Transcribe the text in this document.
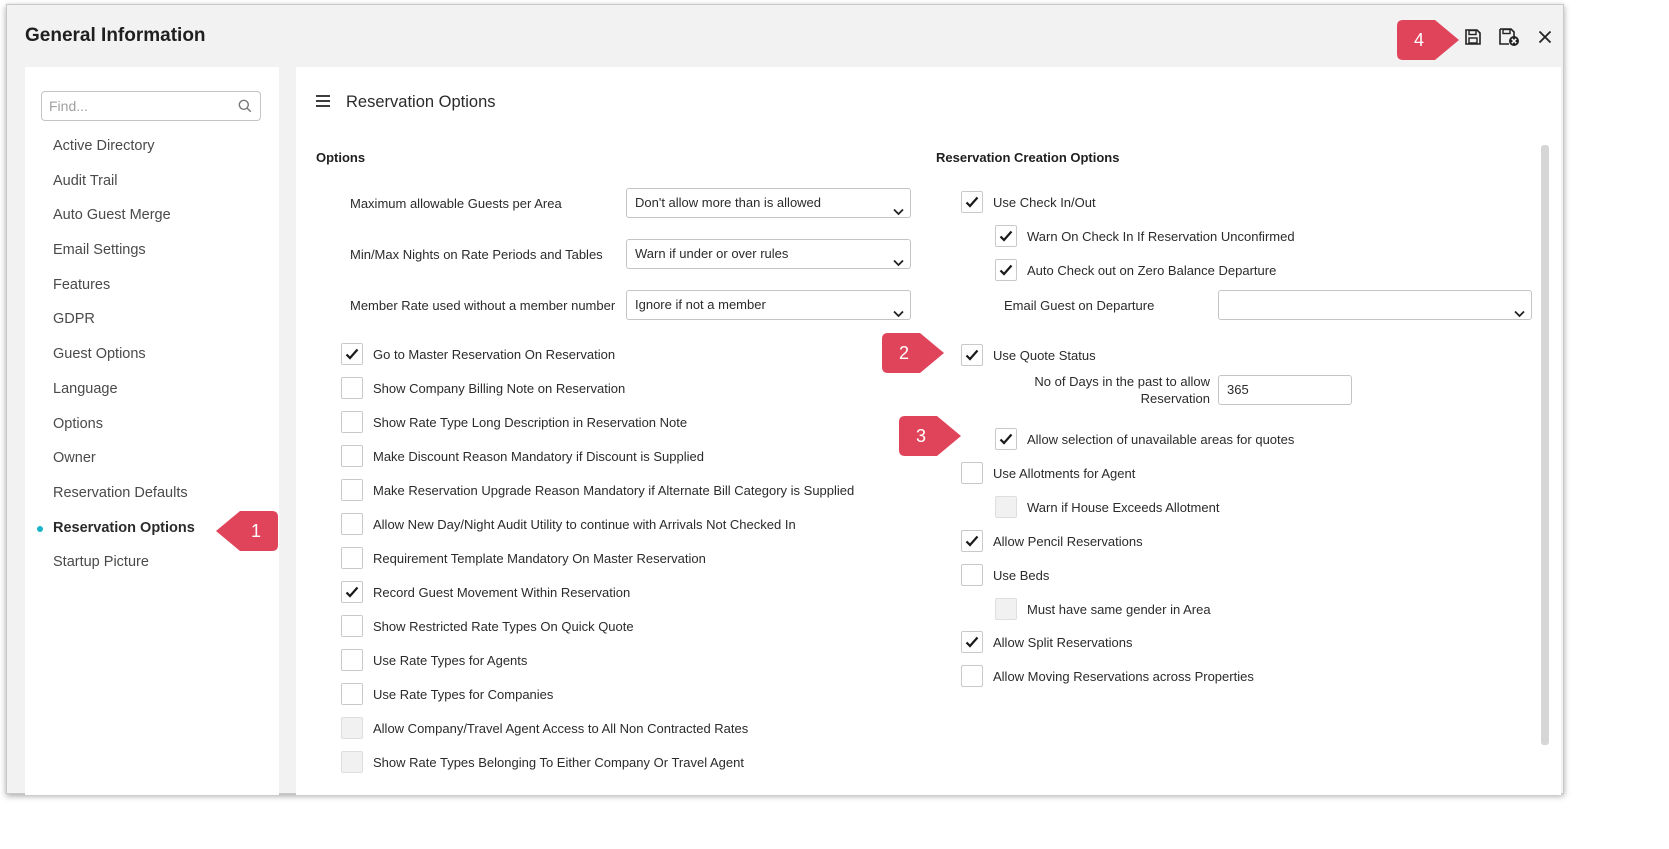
General Information
Find...
Active Directory
Audit Trail
Auto Guest Merge
Email Settings
Features
GDPR
Guest Options
Language
Options
Owner
Reservation Defaults
Reservation Options
Startup Picture
Reservation Options
Options
Maximum allowable Guests per Area	Don't allow more than is allowed
Min/Max Nights on Rate Periods and Tables	Warn if under or over rules
Member Rate used without a member number	Ignore if not a member
Go to Master Reservation On Reservation
Show Company Billing Note on Reservation
Show Rate Type Long Description in Reservation Note
Make Discount Reason Mandatory if Discount is Supplied
Make Reservation Upgrade Reason Mandatory if Alternate Bill Category is Supplied
Allow New Day/Night Audit Utility to continue with Arrivals Not Checked In
Requirement Template Mandatory On Master Reservation
Record Guest Movement Within Reservation
Show Restricted Rate Types On Quick Quote
Use Rate Types for Agents
Use Rate Types for Companies
Allow Company/Travel Agent Access to All Non Contracted Rates
Show Rate Types Belonging To Either Company Or Travel Agent
Reservation Creation Options
Use Check In/Out
Warn On Check In If Reservation Unconfirmed
Auto Check out on Zero Balance Departure
Email Guest on Departure
Use Quote Status
No of Days in the past to allow
Reservation
365
Allow selection of unavailable areas for quotes
Use Allotments for Agent
Warn if House Exceeds Allotment
Allow Pencil Reservations
Use Beds
Must have same gender in Area
Allow Split Reservations
Allow Moving Reservations across Properties
1
2
3
4
